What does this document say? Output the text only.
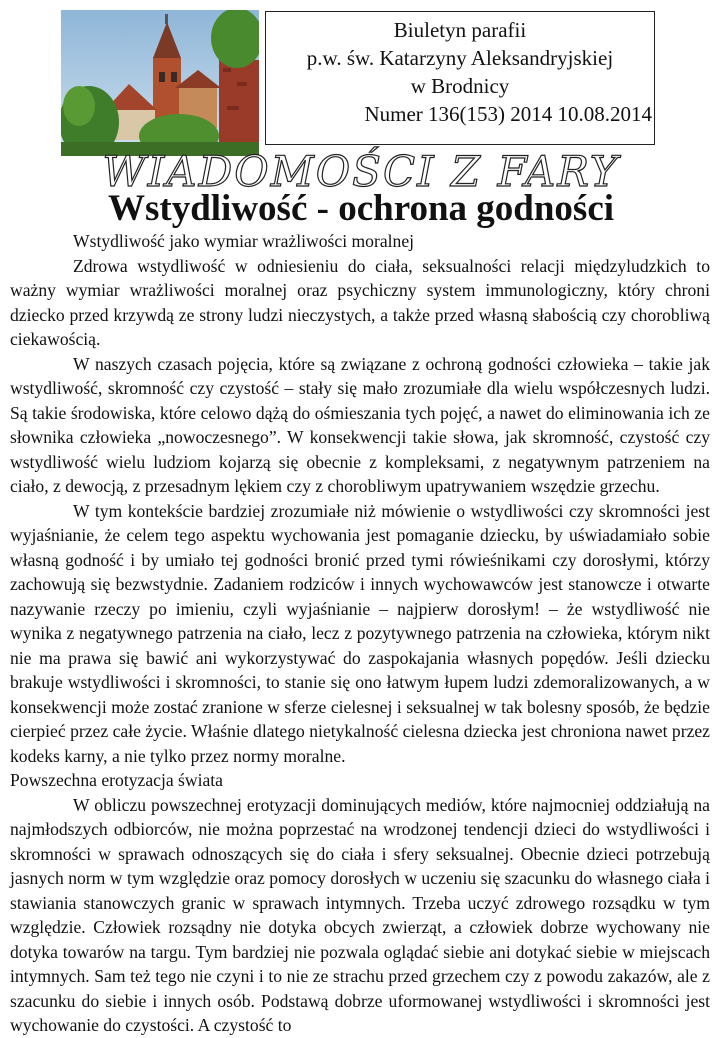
Biuletyn parafii
p.w. św. Katarzyny Aleksandryjskiej
w Brodnicy
Numer 136(153) 2014 10.08.2014
WIADOMOŚCI Z FARY
Wstydliwość - ochrona godności

Wstydliwość jako wymiar wrażliwości moralnej

Zdrowa wstydliwość w odniesieniu do ciała, seksualności relacji międzyludzkich to ważny wymiar wrażliwości moralnej oraz psychiczny system immunologiczny, który chroni dziecko przed krzywdą ze strony ludzi nieczystych, a także przed własną słabością czy chorobliwą ciekawością.

W naszych czasach pojęcia, które są związane z ochroną godności człowieka – takie jak wstydliwość, skromność czy czystość – stały się mało zrozumiałe dla wielu współczesnych ludzi. Są takie środowiska, które celowo dążą do ośmieszania tych pojęć, a nawet do eliminowania ich ze słownika człowieka „nowoczesnego”. W konsekwencji takie słowa, jak skromność, czystość czy wstydliwość wielu ludziom kojarzą się obecnie z kompleksami, z negatywnym patrzeniem na ciało, z dewocją, z przesadnym lękiem czy z chorobliwym upatrywaniem wszędzie grzechu.

W tym kontekście bardziej zrozumiałe niż mówienie o wstydliwości czy skromności jest wyjaśnianie, że celem tego aspektu wychowania jest pomaganie dziecku, by uświadamiało sobie własną godność i by umiało tej godności bronić przed tymi rówieśnikami czy dorosłymi, którzy zachowują się bezwstydnie. Zadaniem rodziców i innych wychowawców jest stanowcze i otwarte nazywanie rzeczy po imieniu, czyli wyjaśnianie – najpierw dorosłym! – że wstydliwość nie wynika z negatywnego patrzenia na ciało, lecz z pozytywnego patrzenia na człowieka, którym nikt nie ma prawa się bawić ani wykorzystywać do zaspokajania własnych popędów. Jeśli dziecku brakuje wstydliwości i skromności, to stanie się ono łatwym łupem ludzi zdemoralizowanych, a w konsekwencji może zostać zranione w sferze cielesnej i seksualnej w tak bolesny sposób, że będzie cierpieć przez całe życie. Właśnie dlatego nietykalność cielesna dziecka jest chroniona nawet przez kodeks karny, a nie tylko przez normy moralne.

Powszechna erotyzacja świata

W obliczu powszechnej erotyzacji dominujących mediów, które najmocniej oddziałują na najmłodszych odbiorców, nie można poprzestać na wrodzonej tendencji dzieci do wstydliwości i skromności w sprawach odnoszących się do ciała i sfery seksualnej. Obecnie dzieci potrzebują jasnych norm w tym względzie oraz pomocy dorosłych w uczeniu się szacunku do własnego ciała i stawiania stanowczych granic w sprawach intymnych. Trzeba uczyć zdrowego rozsądku w tym względzie. Człowiek rozsądny nie dotyka obcych zwierząt, a człowiek dobrze wychowany nie dotyka towarów na targu. Tym bardziej nie pozwala oglądać siebie ani dotykać siebie w miejscach intymnych. Sam też tego nie czyni i to nie ze strachu przed grzechem czy z powodu zakazów, ale z szacunku do siebie i innych osób. Podstawą dobrze uformowanej wstydliwości i skromności jest wychowanie do czystości. A czystość to
